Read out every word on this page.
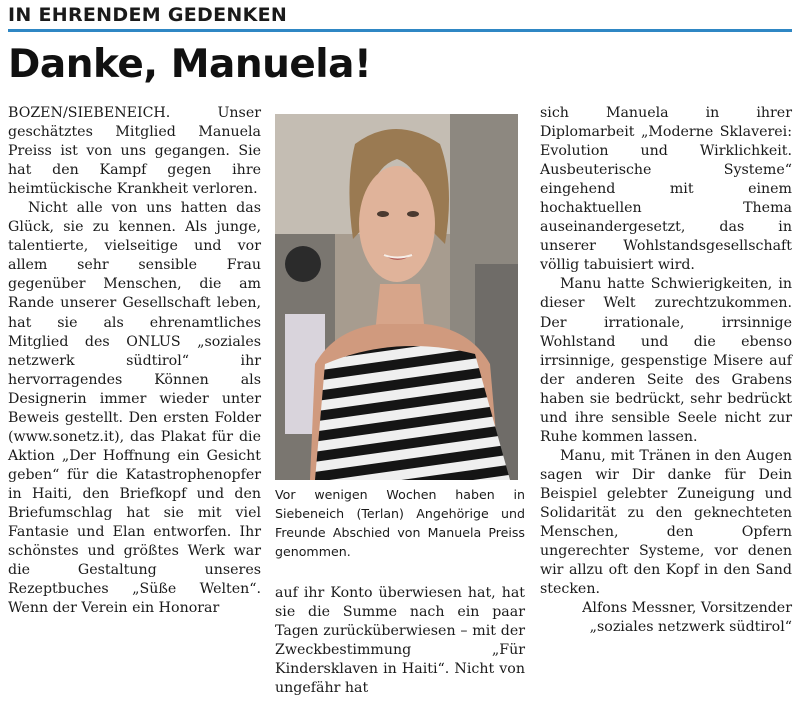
IN EHRENDEM GEDENKEN
Danke, Manuela!

BOZEN/SIEBENEICH. Unser geschätztes Mitglied Manuela Preiss ist von uns gegangen. Sie hat den Kampf gegen ihre heimtückische Krankheit verloren.

Nicht alle von uns hatten das Glück, sie zu kennen. Als junge, talentierte, vielseitige und vor allem sehr sensible Frau gegenüber Menschen, die am Rande unserer Gesellschaft leben, hat sie als ehrenamtliches Mitglied des ONLUS „soziales netzwerk südtirol“ ihr hervorragendes Können als Designerin immer wieder unter Beweis gestellt. Den ersten Folder (www.sonetz.it), das Plakat für die Aktion „Der Hoffnung ein Gesicht geben“ für die Katastrophenopfer in Haiti, den Briefkopf und den Briefumschlag hat sie mit viel Fantasie und Elan entworfen. Ihr schönstes und größtes Werk war die Gestaltung unseres Rezeptbuches „Süße Welten“. Wenn der Verein ein Honorar

Vor wenigen Wochen haben in Siebeneich (Terlan) Angehörige und Freunde Abschied von Manuela Preiss genommen.

auf ihr Konto überwiesen hat, hat sie die Summe nach ein paar Tagen zurücküberwiesen – mit der Zweckbestimmung „Für Kindersklaven in Haiti“. Nicht von ungefähr hat

sich Manuela in ihrer Diplomarbeit „Moderne Sklaverei: Evolution und Wirklichkeit. Ausbeuterische Systeme“ eingehend mit einem hochaktuellen Thema auseinandergesetzt, das in unserer Wohlstandsgesellschaft völlig tabuisiert wird.

Manu hatte Schwierigkeiten, in dieser Welt zurechtzukommen. Der irrationale, irrsinnige Wohlstand und die ebenso irrsinnige, gespenstige Misere auf der anderen Seite des Grabens haben sie bedrückt, sehr bedrückt und ihre sensible Seele nicht zur Ruhe kommen lassen.

Manu, mit Tränen in den Augen sagen wir Dir danke für Dein Beispiel gelebter Zuneigung und Solidarität zu den geknechteten Menschen, den Opfern ungerechter Systeme, vor denen wir allzu oft den Kopf in den Sand stecken.

Alfons Messner, Vorsitzender „soziales netzwerk südtirol“
